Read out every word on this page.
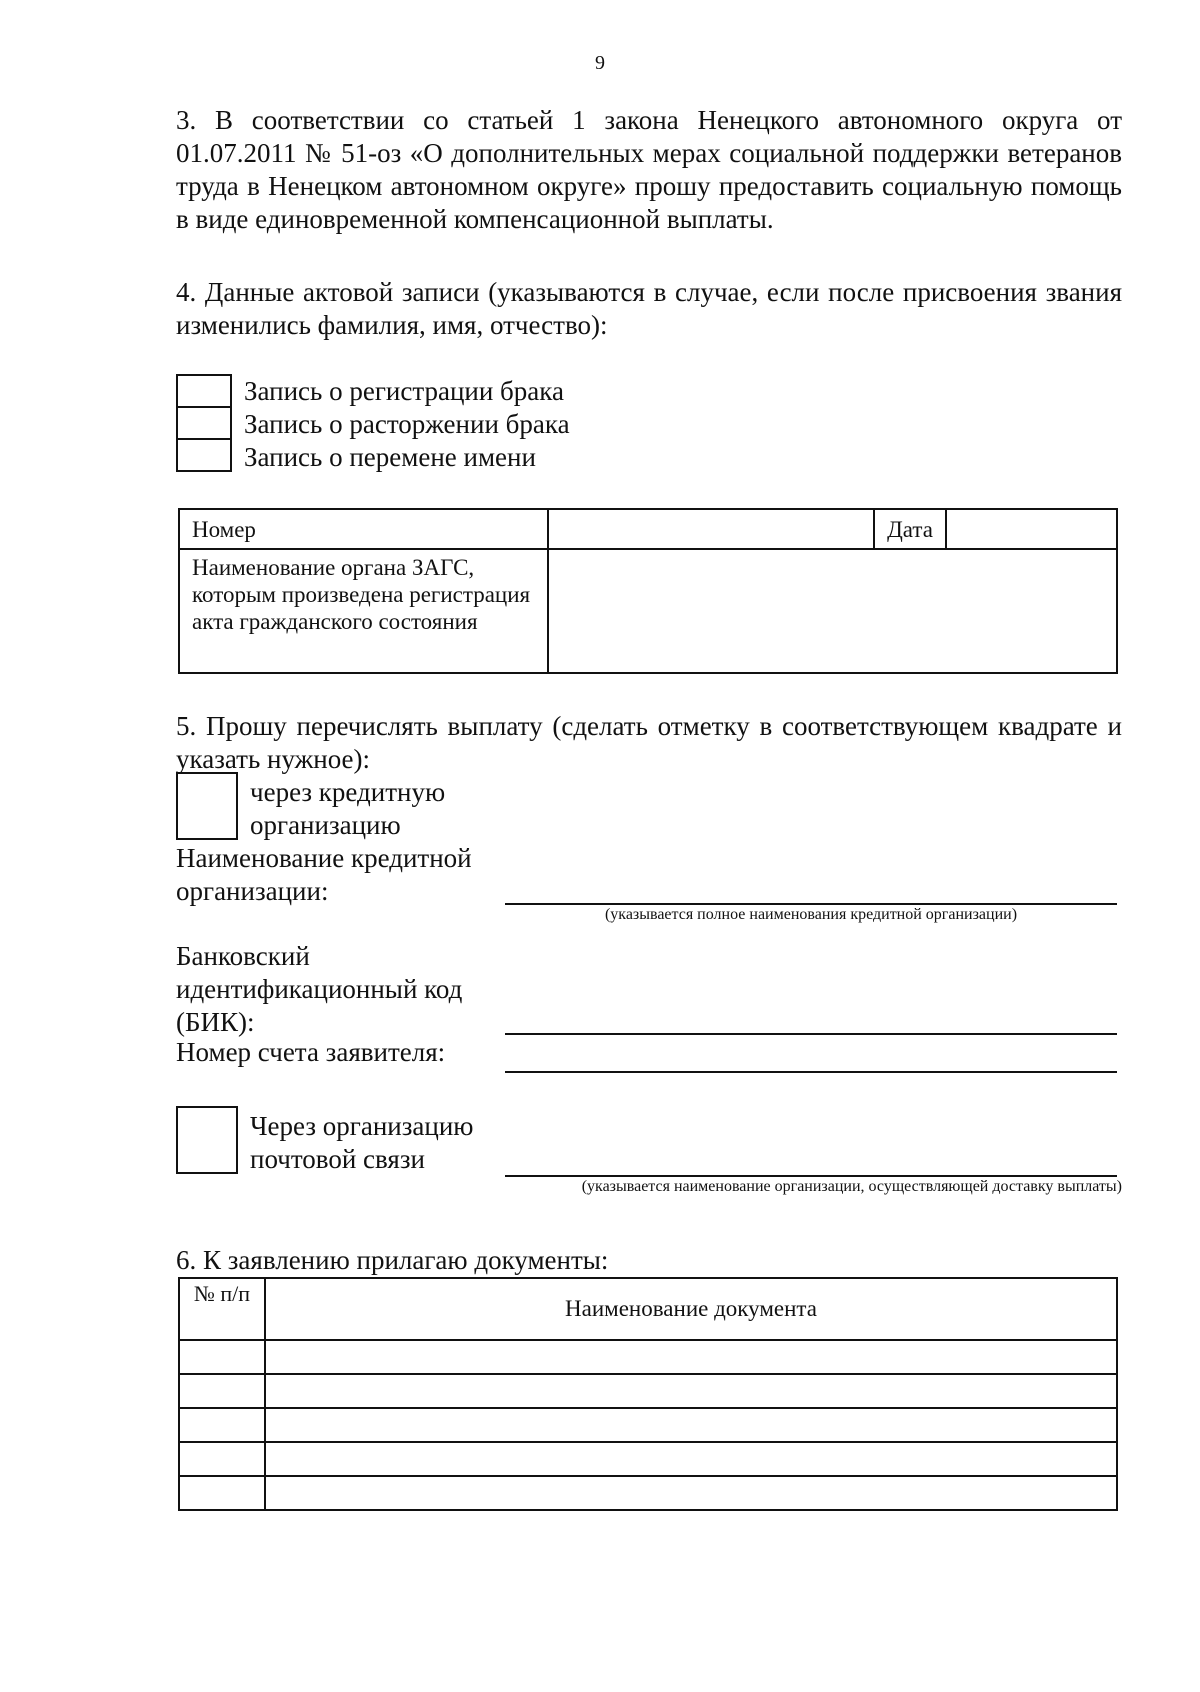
9
3. В соответствии со статьей 1 закона Ненецкого автономного округа от 01.07.2011 № 51-оз «О дополнительных мерах социальной поддержки ветеранов труда в Ненецком автономном округе» прошу предоставить социальную помощь в виде единовременной компенсационной выплаты.
4. Данные актовой записи (указываются в случае, если после присвоения звания изменились фамилия, имя, отчество):
Запись о регистрации брака
Запись о расторжении брака
Запись о перемене имени
Номер		Дата	
Наименование органа ЗАГС, которым произведена регистрация акта гражданского состояния			
5. Прошу перечислять выплату (сделать отметку в соответствующем квадрате и указать нужное):
через кредитную организацию
Наименование кредитной организации:
(указывается полное наименования кредитной организации)
Банковский идентификационный код (БИК):
Номер счета заявителя:
Через организацию почтовой связи
(указывается наименование организации, осуществляющей доставку выплаты)
6. К заявлению прилагаю документы:
№ п/п	Наименование документа
